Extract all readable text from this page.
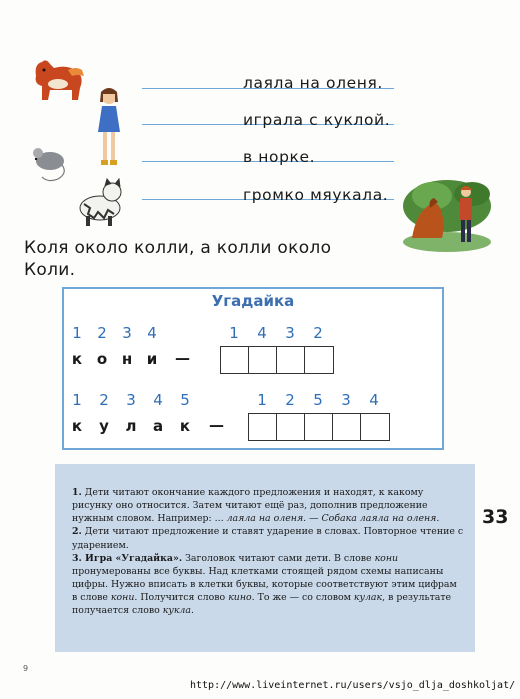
лаяла на оленя.
играла с куклой.
в норке.
громко мяукала.
Коля около колли, а колли около
Коли.
Угадайка
1 2 3 4
к о н и —
1 4 3 2
1 2 3 4 5
к у л а к —
1 2 5 3 4

1. Дети читают окончание каждого предложения и находят, к какому рисунку оно относится. Затем читают ещё раз, дополнив предложение нужным словом. Например: ... лаяла на оленя. — Собака лаяла на оленя.

2. Дети читают предложение и ставят ударение в словах. Повторное чтение с ударением.

3. Игра «Угадайка». Заголовок читают сами дети. В слове кони пронумерованы все буквы. Над клетками стоящей рядом схемы написаны цифры. Нужно вписать в клетки буквы, которые соответствуют этим цифрам в слове кони. Получится слово кино. То же — со словом кулак, в результате получается слово кукла.

33
9
http://www.liveinternet.ru/users/vsjo_dlja_doshkoljat/
